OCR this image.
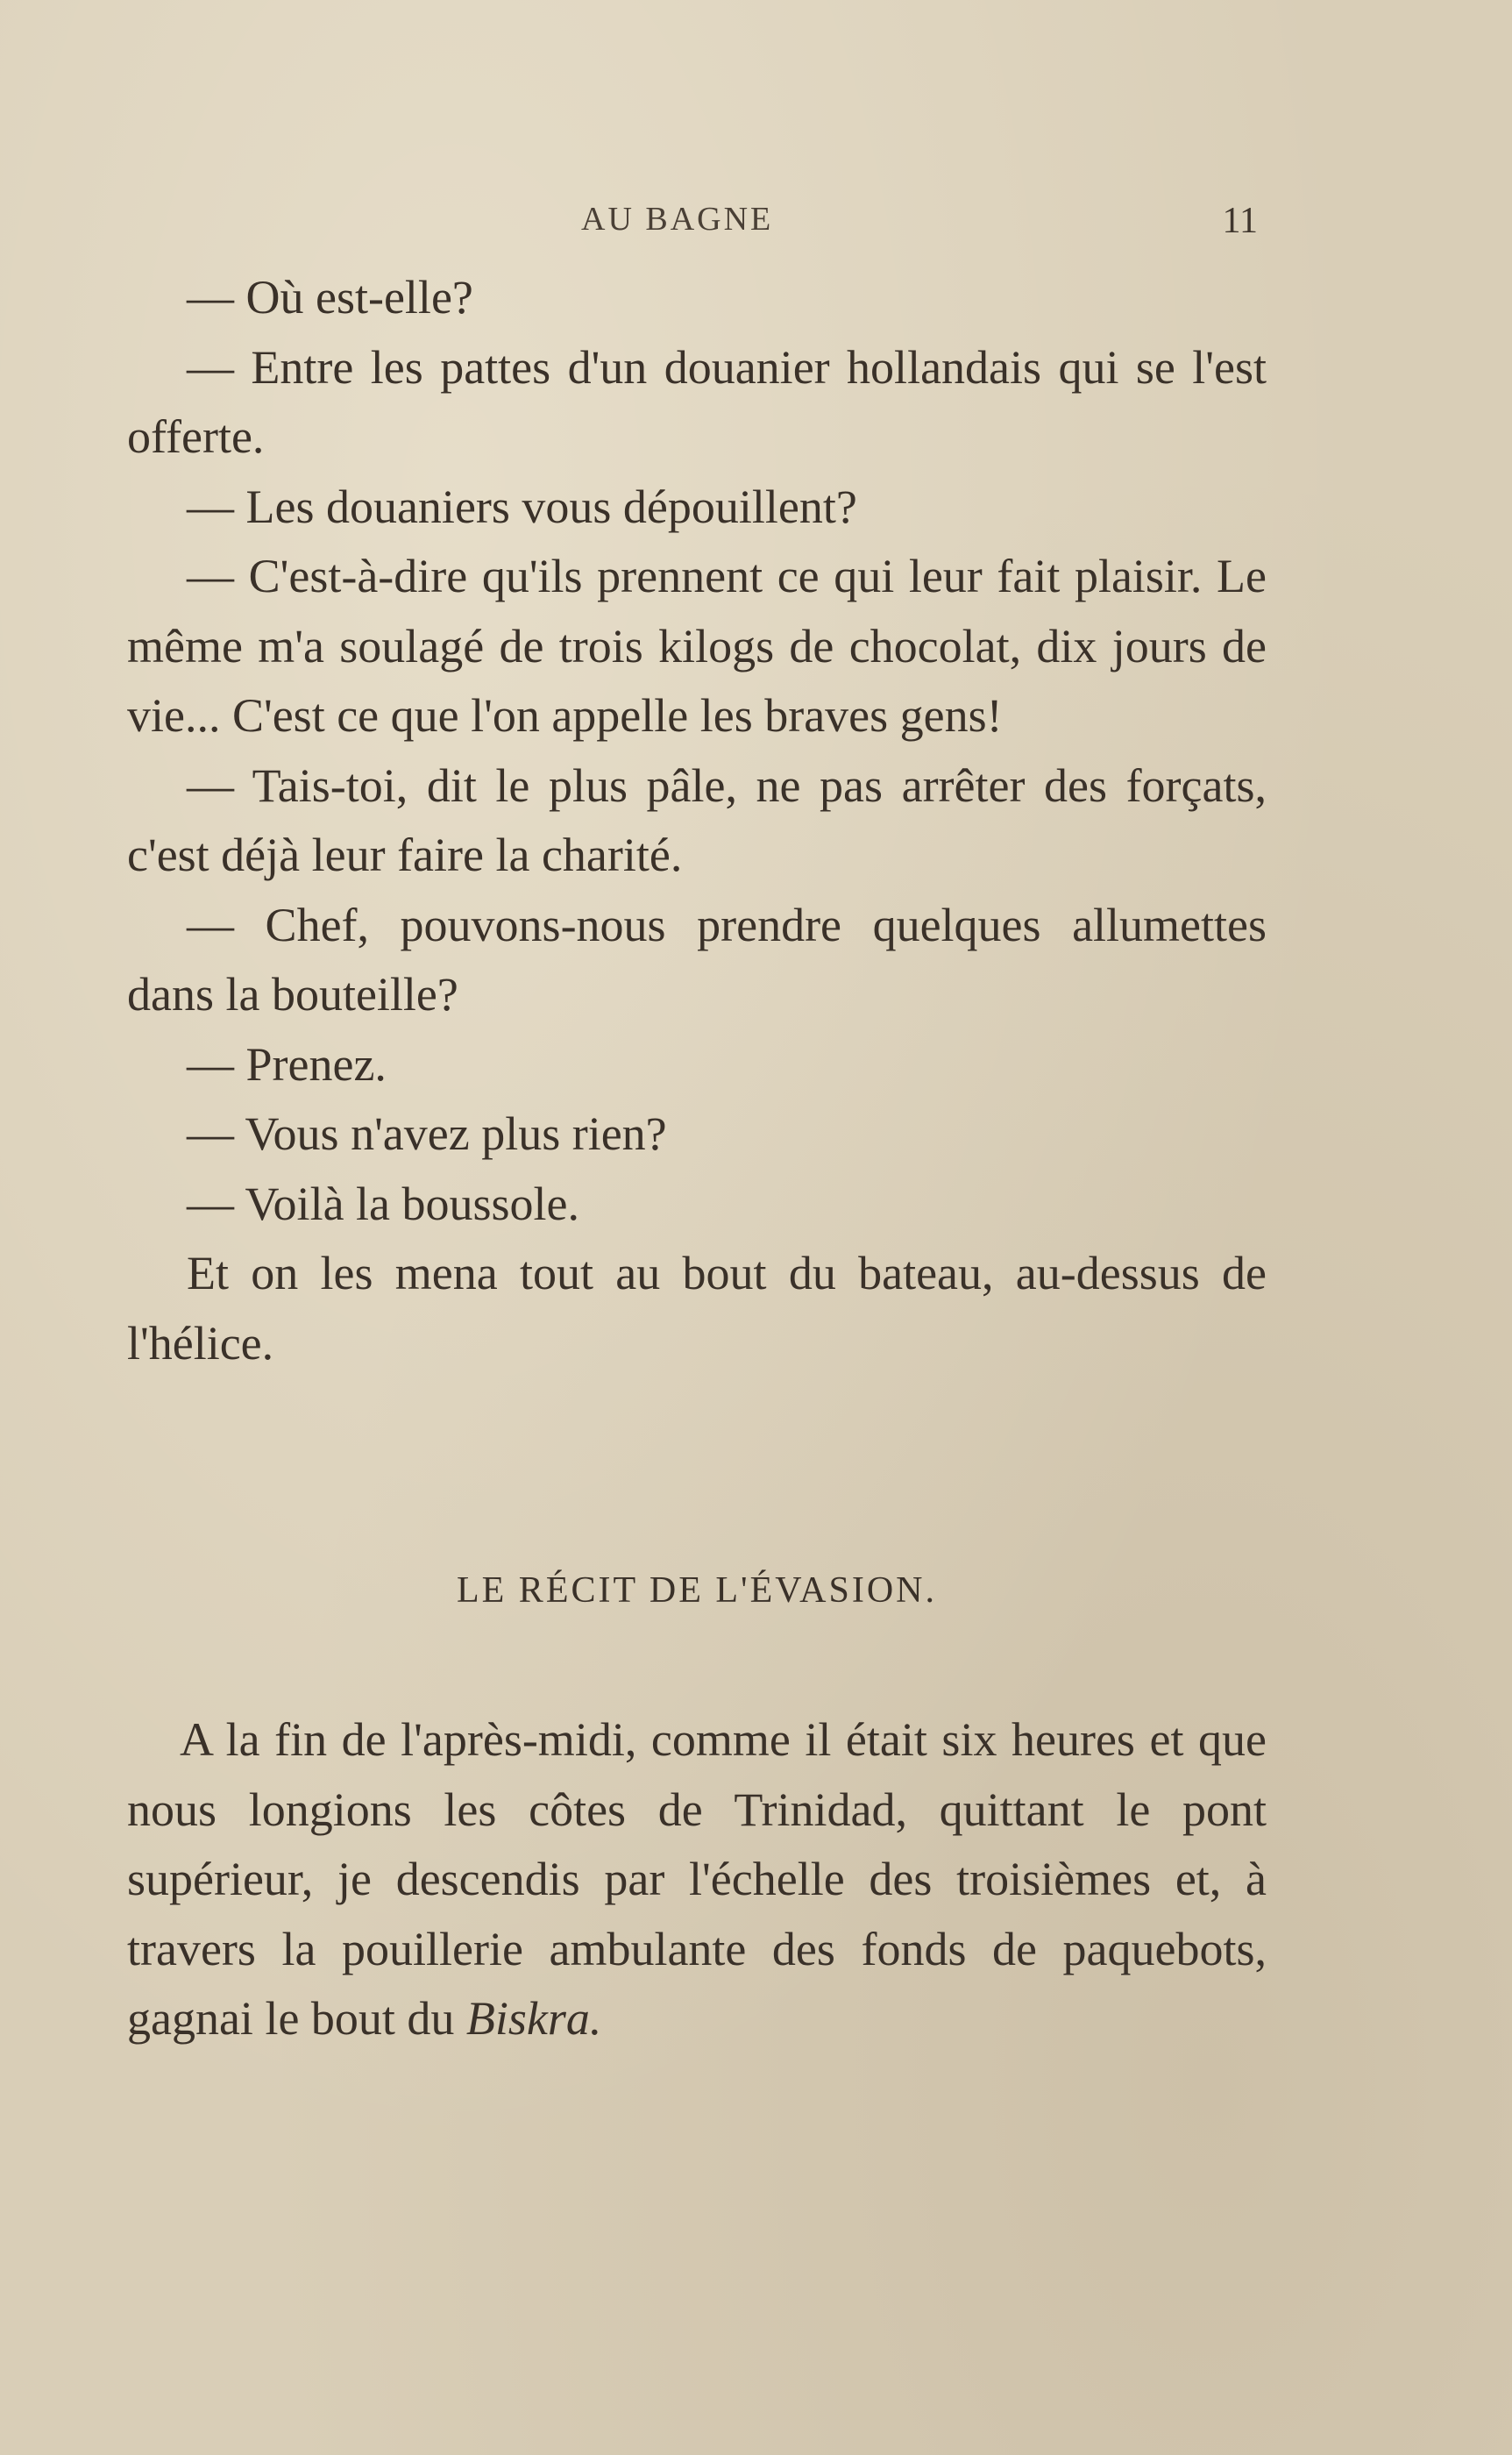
AU BAGNE	11

— Où est-elle?

— Entre les pattes d'un douanier hollandais qui se l'est offerte.

— Les douaniers vous dépouillent?

— C'est-à-dire qu'ils prennent ce qui leur fait plaisir. Le même m'a soulagé de trois kilogs de chocolat, dix jours de vie... C'est ce que l'on appelle les braves gens!

— Tais-toi, dit le plus pâle, ne pas arrêter des forçats, c'est déjà leur faire la charité.

— Chef, pouvons-nous prendre quelques allumettes dans la bouteille?

— Prenez.

— Vous n'avez plus rien?

— Voilà la boussole.

Et on les mena tout au bout du bateau, au-dessus de l'hélice.

LE RÉCIT DE L'ÉVASION.

A la fin de l'après-midi, comme il était six heures et que nous longions les côtes de Trinidad, quittant le pont supérieur, je descendis par l'échelle des troisièmes et, à travers la pouillerie ambulante des fonds de paquebots, gagnai le bout du Biskra.
